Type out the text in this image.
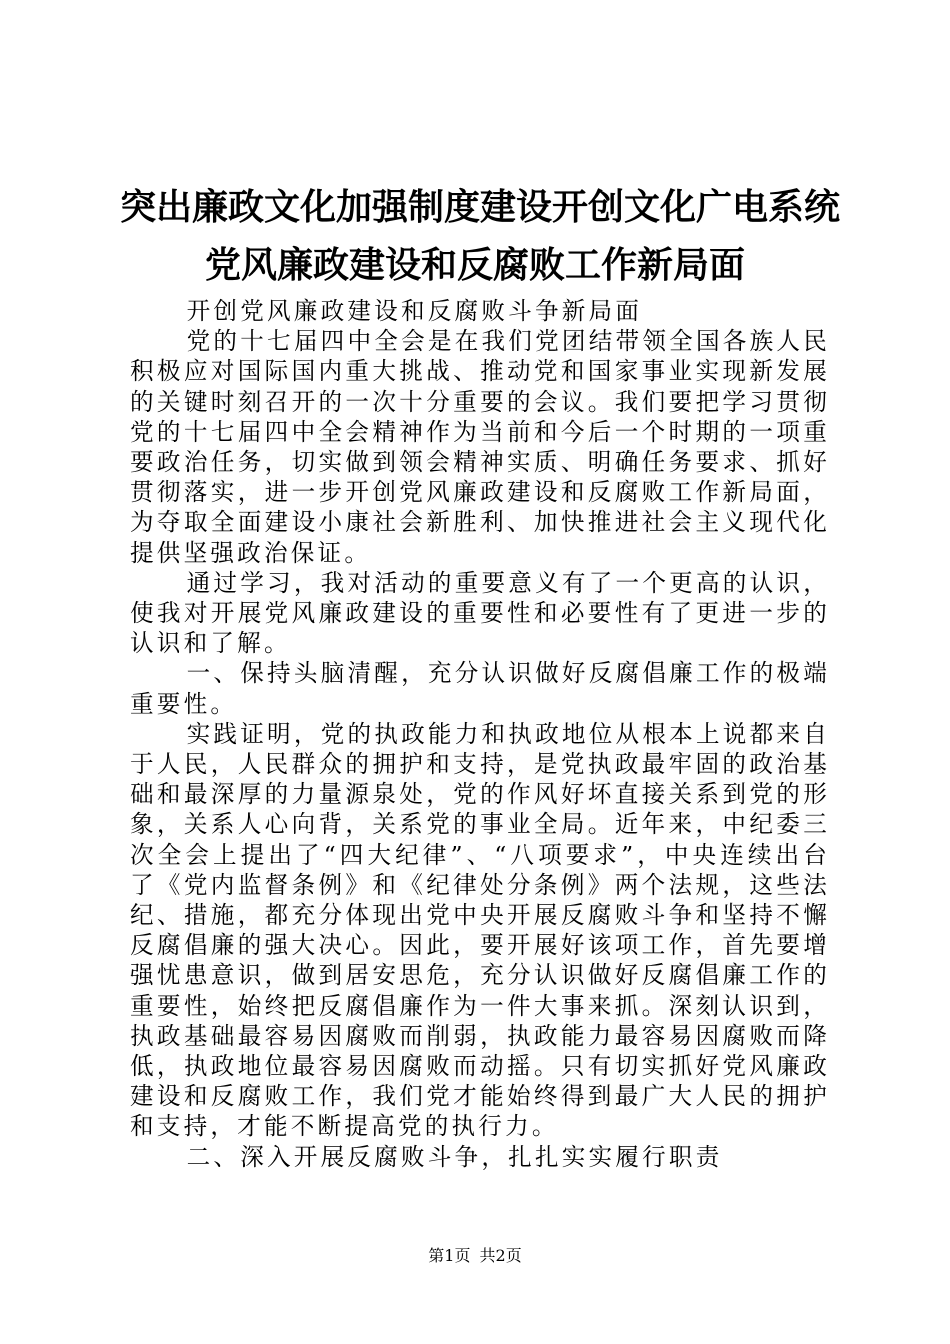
突出廉政文化加强制度建设开创文化广电系统
党风廉政建设和反腐败工作新局面

开创党风廉政建设和反腐败斗争新局面

党的十七届四中全会是在我们党团结带领全国各族人民积极应对国际国内重大挑战、推动党和国家事业实现新发展的关键时刻召开的一次十分重要的会议。我们要把学习贯彻党的十七届四中全会精神作为当前和今后一个时期的一项重要政治任务，切实做到领会精神实质、明确任务要求、抓好贯彻落实，进一步开创党风廉政建设和反腐败工作新局面，为夺取全面建设小康社会新胜利、加快推进社会主义现代化提供坚强政治保证。

通过学习，我对活动的重要意义有了一个更高的认识，使我对开展党风廉政建设的重要性和必要性有了更进一步的认识和了解。

一、保持头脑清醒，充分认识做好反腐倡廉工作的极端重要性。

实践证明，党的执政能力和执政地位从根本上说都来自于人民，人民群众的拥护和支持，是党执政最牢固的政治基础和最深厚的力量源泉处，党的作风好坏直接关系到党的形象，关系人心向背，关系党的事业全局。近年来，中纪委三次全会上提出了“四大纪律”、“八项要求”，中央连续出台了《党内监督条例》和《纪律处分条例》两个法规，这些法纪、措施，都充分体现出党中央开展反腐败斗争和坚持不懈反腐倡廉的强大决心。因此，要开展好该项工作，首先要增强忧患意识，做到居安思危，充分认识做好反腐倡廉工作的重要性，始终把反腐倡廉作为一件大事来抓。深刻认识到，执政基础最容易因腐败而削弱，执政能力最容易因腐败而降低，执政地位最容易因腐败而动摇。只有切实抓好党风廉政建设和反腐败工作，我们党才能始终得到最广大人民的拥护和支持，才能不断提高党的执行力。

二、深入开展反腐败斗争，扎扎实实履行职责

第1页 共2页
